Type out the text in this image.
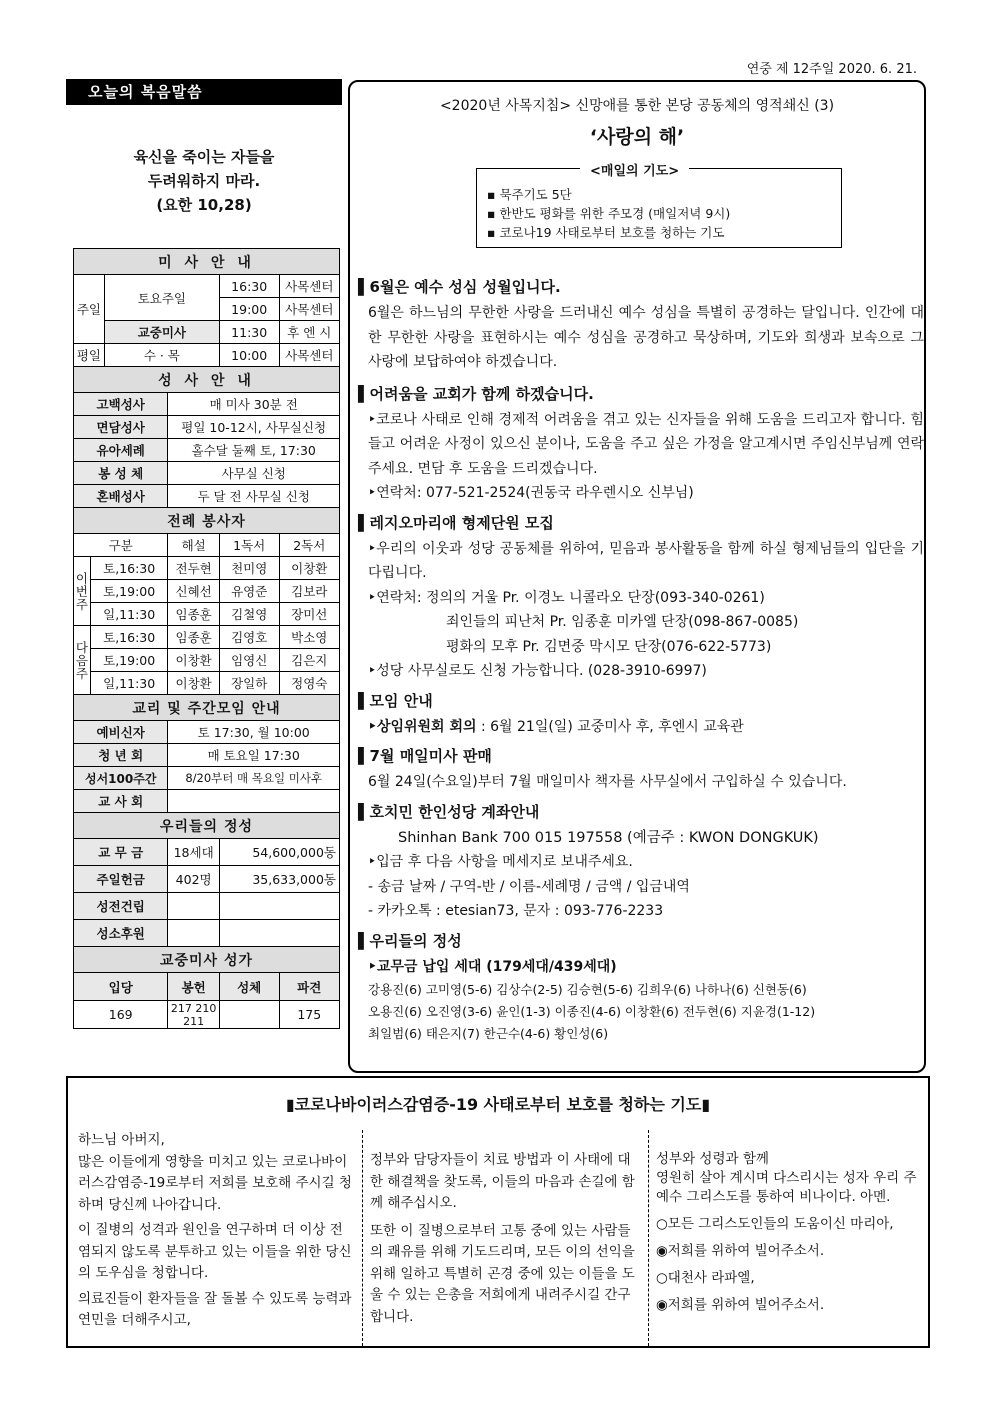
연중 제 12주일 2020. 6. 21.
오늘의 복음말씀
육신을 죽이는 자들을
두려워하지 마라.
(요한 10,28)
미 사 안 내					
주일		토요주일		16:30	사목센터
				19:00	사목센터
		교중미사		11:30	후 엔 시
평일		수 · 목		10:00	사목센터
성 사 안 내					
고백성사			매 미사 30분 전		
면담성사			평일 10-12시, 사무실신청		
유아세례			홀수달 둘째 토, 17:30		
봉 성 체			사무실 신청		
혼배성사			두 달 전 사무실 신청		
전례 봉사자					
구분			해설	1독서	2독서
이번주	토,16:30		전두현	천미영	이창환
	토,19:00		신혜선	유영준	김보라
	일,11:30		임종훈	김철영	장미선
다음주	토,16:30		임종훈	김영호	박소영
	토,19:00		이창환	임영신	김은지
	일,11:30		이창환	장일하	정영숙
교리 및 주간모임 안내					
예비신자			토 17:30, 월 10:00		
청 년 회			매 토요일 17:30		
성서100주간			8/20부터 매 목요일 미사후		
교 사 회					
우리들의 정성					
교 무 금			18세대	54,600,000동	
주일헌금			402명	35,633,000동	
성전건립					
성소후원					
교중미사 성가					
입당			봉헌	성체	파견
169			217 210 211		175
<2020년 사목지침> 신망애를 통한 본당 공동체의 영적쇄신 (3)
‘사랑의 해’
▪ 묵주기도 5단
▪ 한반도 평화를 위한 주모경 (매일저녁 9시)
▪ 코로나19 사태로부터 보호를 청하는 기도
<매일의 기도>
▌ 6월은 예수 성심 성월입니다.
6월은 하느님의 무한한 사랑을 드러내신 예수 성심을 특별히 공경하는 달입니다. 인간에 대한 무한한 사랑을 표현하시는 예수 성심을 공경하고 묵상하며, 기도와 희생과 보속으로 그 사랑에 보답하여야 하겠습니다.
▌ 어려움을 교회가 함께 하겠습니다.
‣코로나 사태로 인해 경제적 어려움을 겪고 있는 신자들을 위해 도움을 드리고자 합니다. 힘들고 어려운 사정이 있으신 분이나, 도움을 주고 싶은 가정을 알고계시면 주임신부님께 연락주세요. 면담 후 도움을 드리겠습니다.
‣연락처: 077-521-2524(권동국 라우렌시오 신부님)
▌ 레지오마리애 형제단원 모집
‣우리의 이웃과 성당 공동체를 위하여, 믿음과 봉사활동을 함께 하실 형제님들의 입단을 기다립니다.
‣연락처: 정의의 거울 Pr. 이경노 니콜라오 단장(093-340-0261)
죄인들의 피난처 Pr. 임종훈 미카엘 단장(098-867-0085)
평화의 모후 Pr. 김면중 막시모 단장(076-622-5773)
‣성당 사무실로도 신청 가능합니다. (028-3910-6997)
▌ 모임 안내
‣상임위원회 회의 : 6월 21일(일) 교중미사 후, 후엔시 교육관
▌ 7월 매일미사 판매
6월 24일(수요일)부터 7월 매일미사 책자를 사무실에서 구입하실 수 있습니다.
▌ 호치민 한인성당 계좌안내
Shinhan Bank 700 015 197558 (예금주 : KWON DONGKUK)
‣입금 후 다음 사항을 메세지로 보내주세요.
- 송금 날짜 / 구역-반 / 이름-세례명 / 금액 / 입금내역
- 카카오톡 : etesian73, 문자 : 093-776-2233
▌ 우리들의 정성
‣교무금 납입 세대 (179세대/439세대)
강용진(6) 고미영(5-6) 김상수(2-5) 김승현(5-6) 김희우(6) 나하나(6) 신현동(6)
오용진(6) 오진영(3-6) 윤인(1-3) 이종진(4-6) 이창환(6) 전두현(6) 지윤경(1-12)
최일범(6) 태은지(7) 한근수(4-6) 황인성(6)
▮코로나바이러스감염증-19 사태로부터 보호를 청하는 기도▮
하느님 아버지,
많은 이들에게 영향을 미치고 있는 코로나바이러스감염증-19로부터 저희를 보호해 주시길 청하며 당신께 나아갑니다.
이 질병의 성격과 원인을 연구하며 더 이상 전염되지 않도록 분투하고 있는 이들을 위한 당신의 도우심을 청합니다.
의료진들이 환자들을 잘 돌볼 수 있도록 능력과 연민을 더해주시고,
정부와 담당자들이 치료 방법과 이 사태에 대한 해결책을 찾도록, 이들의 마음과 손길에 함께 해주십시오.
또한 이 질병으로부터 고통 중에 있는 사람들의 쾌유를 위해 기도드리며, 모든 이의 선익을 위해 일하고 특별히 곤경 중에 있는 이들을 도울 수 있는 은총을 저희에게 내려주시길 간구합니다.
성부와 성령과 함께
영원히 살아 계시며 다스리시는 성자 우리 주 예수 그리스도를 통하여 비나이다. 아멘.
○모든 그리스도인들의 도움이신 마리아,
◉저희를 위하여 빌어주소서.
○대천사 라파엘,
◉저희를 위하여 빌어주소서.
